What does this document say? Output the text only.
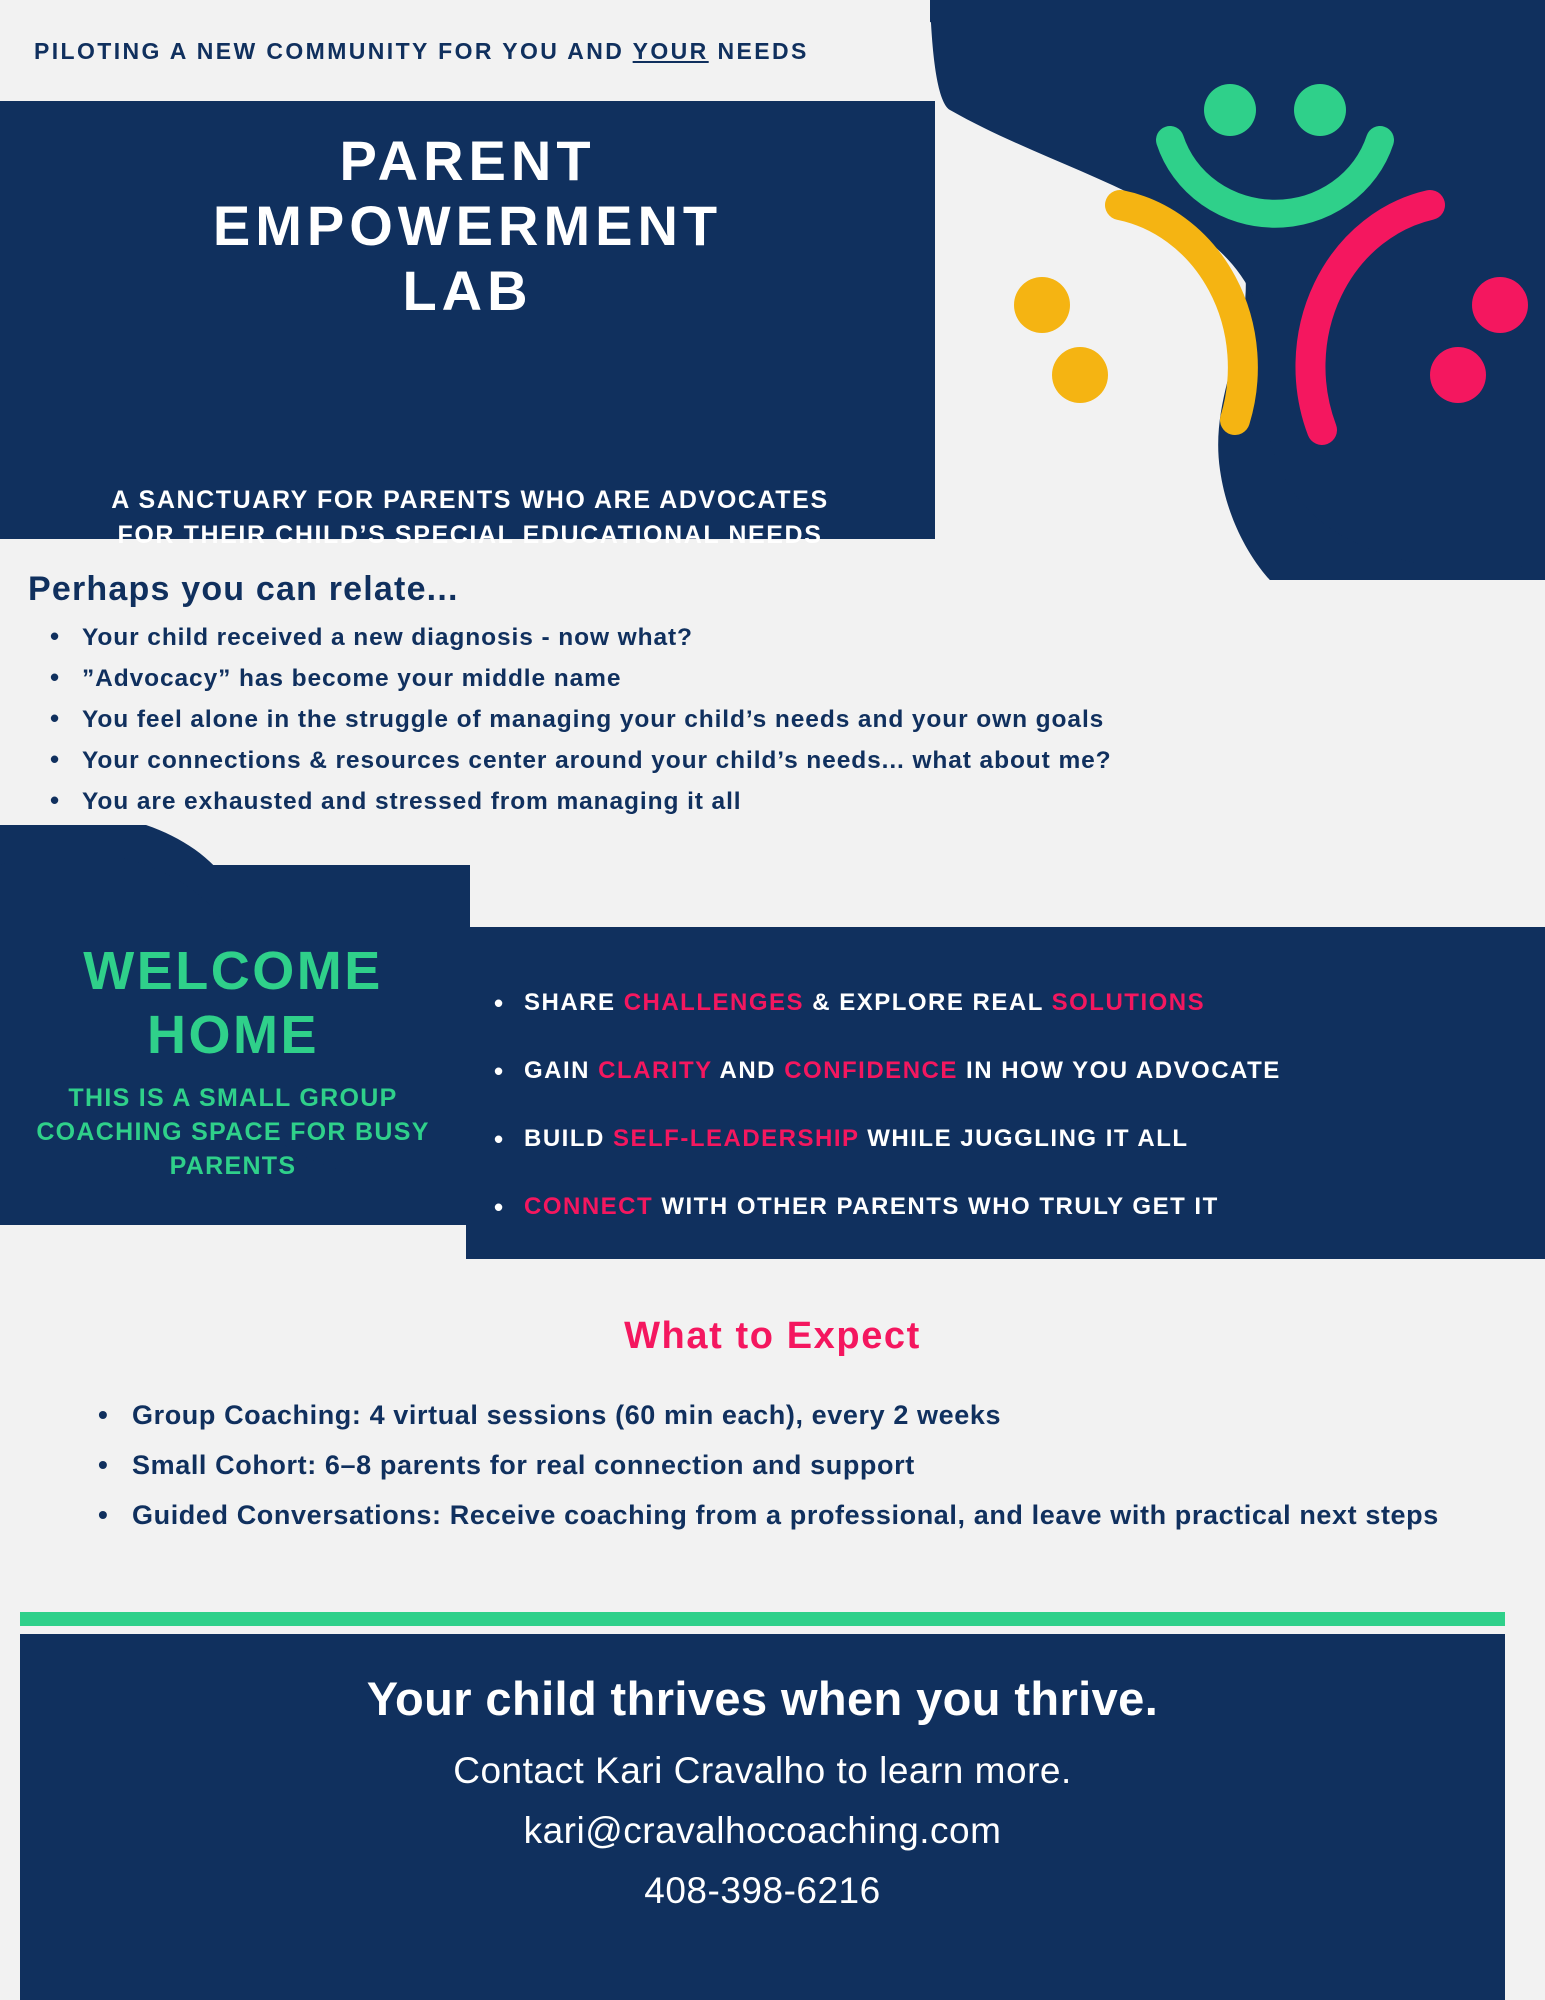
PILOTING A NEW COMMUNITY FOR YOU AND YOUR NEEDS
PARENT
EMPOWERMENT
LAB
A SANCTUARY FOR PARENTS WHO ARE ADVOCATES FOR THEIR CHILD’S SPECIAL EDUCATIONAL NEEDS
Perhaps you can relate...
• Your child received a new diagnosis - now what?
• ”Advocacy” has become your middle name
• You feel alone in the struggle of managing your child’s needs and your own goals
• Your connections & resources center around your child’s needs... what about me?
• You are exhausted and stressed from managing it all
WELCOME
HOME
THIS IS A SMALL GROUP COACHING SPACE FOR BUSY PARENTS
• SHARE CHALLENGES & EXPLORE REAL SOLUTIONS
• GAIN CLARITY AND CONFIDENCE IN HOW YOU ADVOCATE
• BUILD SELF-LEADERSHIP WHILE JUGGLING IT ALL
• CONNECT WITH OTHER PARENTS WHO TRULY GET IT
What to Expect
• Group Coaching: 4 virtual sessions (60 min each), every 2 weeks
• Small Cohort: 6–8 parents for real connection and support
• Guided Conversations: Receive coaching from a professional, and leave with practical next steps
Your child thrives when you thrive.
Contact Kari Cravalho to learn more.
kari@cravalhocoaching.com
408-398-6216
